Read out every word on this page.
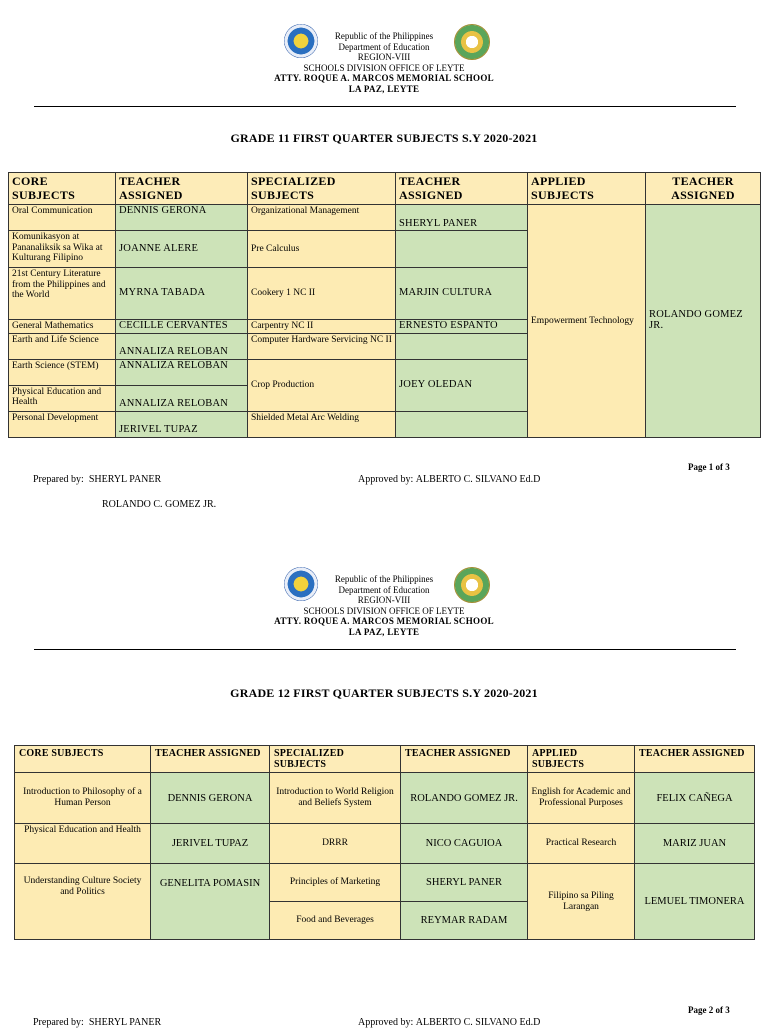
Republic of the Philippines
Department of Education
REGION-VIII
SCHOOLS DIVISION OFFICE OF LEYTE
ATTY. ROQUE A. MARCOS MEMORIAL SCHOOL
LA PAZ, LEYTE
GRADE 11 FIRST QUARTER SUBJECTS S.Y 2020-2021
CORE SUBJECTS	TEACHER ASSIGNED	SPECIALIZED SUBJECTS	TEACHER ASSIGNED	APPLIED SUBJECTS	TEACHER ASSIGNED
Oral Communication	DENNIS GERONA	Organizational Management	SHERYL PANER	Empowerment Technology	ROLANDO GOMEZ JR.
Komunikasyon at Pananaliksik sa Wika at Kulturang Filipino	JOANNE ALERE	Pre Calculus			
21st Century Literature from the Philippines and the World	MYRNA TABADA	Cookery 1 NC II	MARJIN CULTURA		
General Mathematics	CECILLE CERVANTES	Carpentry NC II	ERNESTO ESPANTO		
Earth and Life Science	ANNALIZA RELOBAN	Computer Hardware Servicing NC II			
Earth Science (STEM)	ANNALIZA RELOBAN	Crop Production	JOEY OLEDAN		
Physical Education and Health	ANNALIZA RELOBAN				
Personal Development	JERIVEL TUPAZ	Shielded Metal Arc Welding			
Page 1 of 3
Prepared by: SHERYL PANER	Approved by: ALBERTO C. SILVANO Ed.D
ROLANDO C. GOMEZ JR.
Republic of the Philippines
Department of Education
REGION-VIII
SCHOOLS DIVISION OFFICE OF LEYTE
ATTY. ROQUE A. MARCOS MEMORIAL SCHOOL
LA PAZ, LEYTE
GRADE 12 FIRST QUARTER SUBJECTS S.Y 2020-2021
CORE SUBJECTS	TEACHER ASSIGNED	SPECIALIZED SUBJECTS	TEACHER ASSIGNED	APPLIED SUBJECTS	TEACHER ASSIGNED
Introduction to Philosophy of a Human Person	DENNIS GERONA	Introduction to World Religion and Beliefs System	ROLANDO GOMEZ JR.	English for Academic and Professional Purposes	FELIX CAÑEGA
Physical Education and Health	JERIVEL TUPAZ	DRRR	NICO CAGUIOA	Practical Research	MARIZ JUAN
Understanding Culture Society and Politics	GENELITA POMASIN	Principles of Marketing	SHERYL PANER	Filipino sa Piling Larangan	LEMUEL TIMONERA
		Food and Beverages	REYMAR RADAM		
Page 2 of 3
Prepared by: SHERYL PANER	Approved by: ALBERTO C. SILVANO Ed.D
